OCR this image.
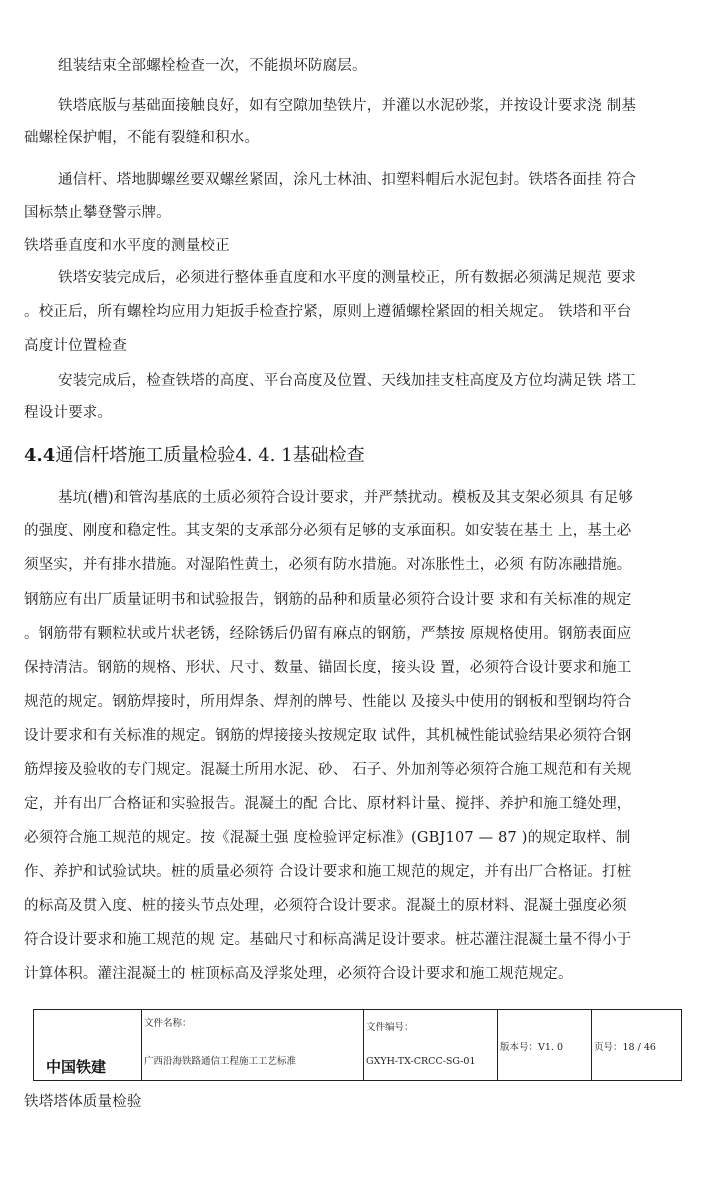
组装结束全部螺栓检查一次，不能损坏防腐层。
铁塔底版与基础面接触良好，如有空隙加垫铁片，并灌以水泥砂浆，并按设计要求浇 制基
础螺栓保护帽，不能有裂缝和积水。
通信杆、塔地脚螺丝要双螺丝紧固，涂凡士林油、扣塑料帽后水泥包封。铁塔各面挂 符合
国标禁止攀登警示牌。
铁塔垂直度和水平度的测量校正
铁塔安装完成后，必须进行整体垂直度和水平度的测量校正，所有数据必须满足规范 要求
。校正后，所有螺栓均应用力矩扳手检查拧紧，原则上遵循螺栓紧固的相关规定。 铁塔和平台
高度计位置检查
安装完成后，检查铁塔的高度、平台高度及位置、天线加挂支柱高度及方位均满足铁 塔工
程设计要求。
4.4通信杆塔施工质量检验4. 4. 1基础检查
基坑(槽)和管沟基底的土质必须符合设计要求，并严禁扰动。模板及其支架必须具 有足够
的强度、刚度和稳定性。其支架的支承部分必须有足够的支承面积。如安装在基土 上，基土必
须坚实，并有排水措施。对湿陷性黄土，必须有防水措施。对冻胀性土，必须 有防冻融措施。
钢筋应有出厂质量证明书和试验报告，钢筋的品种和质量必须符合设计要 求和有关标准的规定
。钢筋带有颗粒状或片状老锈，经除锈后仍留有麻点的钢筋，严禁按 原规格使用。钢筋表面应
保持清洁。钢筋的规格、形状、尺寸、数量、锚固长度，接头设 置，必须符合设计要求和施工
规范的规定。钢筋焊接时，所用焊条、焊剂的牌号、性能以 及接头中使用的钢板和型钢均符合
设计要求和有关标准的规定。钢筋的焊接接头按规定取 试件，其机械性能试验结果必须符合钢
筋焊接及验收的专门规定。混凝土所用水泥、砂、 石子、外加剂等必须符合施工规范和有关规
定，并有出厂合格证和实验报告。混凝土的配 合比、原材料计量、搅拌、养护和施工缝处理，
必须符合施工规范的规定。按《混凝土强 度检验评定标准》(GBJ107 — 87 )的规定取样、制
作、养护和试验试块。桩的质量必须符 合设计要求和施工规范的规定，并有出厂合格证。打桩
的标高及贯入度、桩的接头节点处理，必须符合设计要求。混凝土的原材料、混凝土强度必须
符合设计要求和施工规范的规 定。基础尺寸和标高满足设计要求。桩芯灌注混凝土量不得小于
计算体积。灌注混凝土的 桩顶标高及浮浆处理，必须符合设计要求和施工规范规定。
中国铁建
文件名称：
广西沿海铁路通信工程施工工艺标准
文件编号：
GXYH-TX-CRCC-SG-01
版本号：V1. 0	页号：18 / 46
铁塔塔体质量检验
